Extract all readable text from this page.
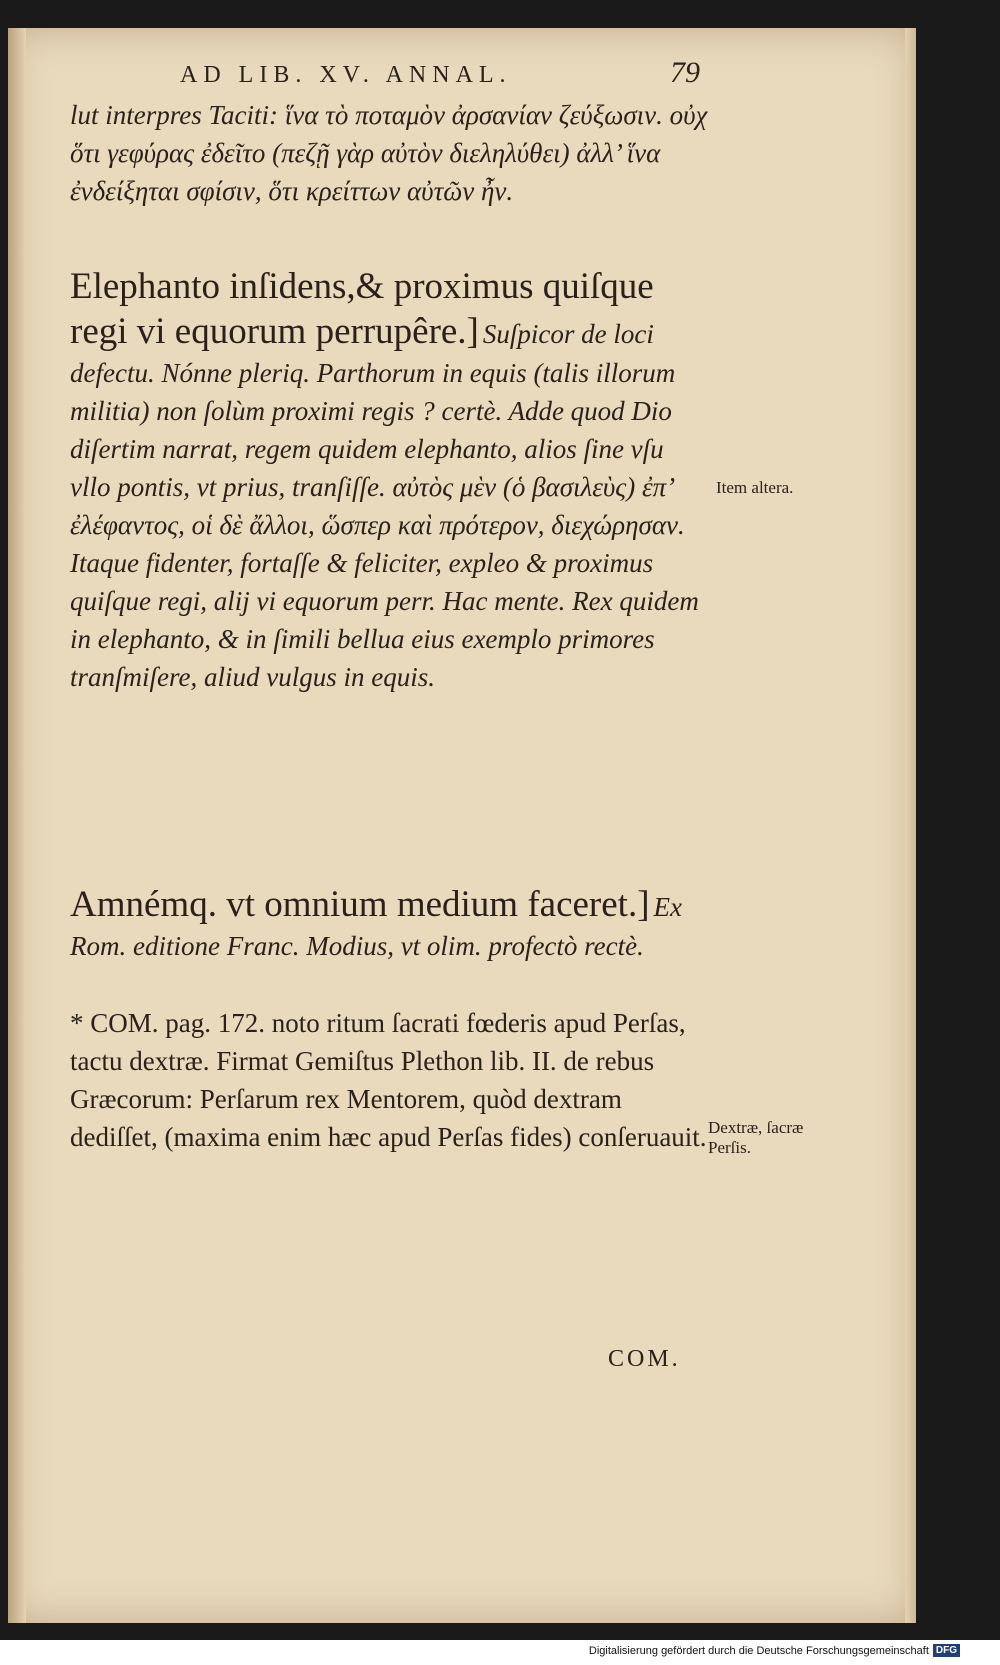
AD LIB. XV. ANNAL.	79

lut interpres Taciti: ἵνα τὸ ποταμὸν ἀρσανίαν ζεύξωσιν. οὐχ ὅτι γεφύρας ἐδεῖτο (πεζῇ γὰρ αὐτὸν διεληλύθει) ἀλλ’ ἵνα ἐνδείξηται σφίσιν, ὅτι κρείττων αὐτῶν ἦν.

Elephanto inſidens,& proximus quiſque regi vi equorum perrupêre.] Suſpicor de loci defectu. Nónne pleriq. Parthorum in equis (talis illorum militia) non ſolùm proximi regis ? certè. Adde quod Dio diſertim narrat, regem quidem elephanto, alios ſine vſu vllo pontis, vt prius, tranſiſſe. αὐτὸς μὲν (ὁ βασιλεὺς) ἐπ’ ἐλέφαντος, οἱ δὲ ἄλλοι, ὥσπερ καὶ πρότερον, διεχώρησαν. Itaque fidenter, fortaſſe & feliciter, expleo & proximus quiſque regi, alij vi equorum perr. Hac mente. Rex quidem in elephanto, & in ſimili bellua eius exemplo primores tranſmiſere, aliud vulgus in equis.

Amnémq. vt omnium medium faceret.] Ex Rom. editione Franc. Modius, vt olim. profectò rectè.

* COM. pag. 172. noto ritum ſacrati fœderis apud Perſas, tactu dextræ. Firmat Gemiſtus Plethon lib. II. de rebus Græcorum: Perſarum rex Mentorem, quòd dextram dediſſet, (maxima enim hæc apud Perſas fides) conſeruauit.

Item altera.
Dextræ, ſacræ Perſis.
COM.
Digitalisierung gefördert durch die Deutsche Forschungsgemeinschaft DFG
